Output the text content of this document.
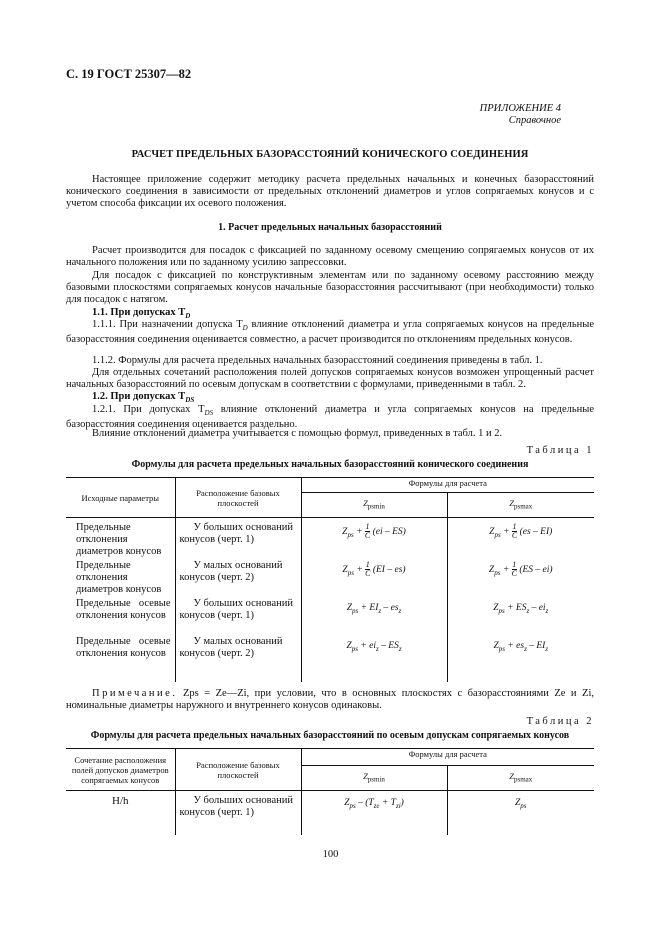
С. 19 ГОСТ 25307—82
ПРИЛОЖЕНИЕ 4
Справочное
РАСЧЕТ ПРЕДЕЛЬНЫХ БАЗОРАССТОЯНИЙ КОНИЧЕСКОГО СОЕДИНЕНИЯ
Настоящее приложение содержит методику расчета предельных начальных и конечных базорасстояний конического соединения в зависимости от предельных отклонений диаметров и углов сопрягаемых конусов и с учетом способа фиксации их осевого положения.
1. Расчет предельных начальных базорасстояний
Расчет производится для посадок с фиксацией по заданному осевому смещению сопрягаемых конусов от их начального положения или по заданному усилию запрессовки.
Для посадок с фиксацией по конструктивным элементам или по заданному осевому расстоянию между базовыми плоскостями сопрягаемых конусов начальные базорасстояния рассчитывают (при необходимости) только для посадок с натягом.
1.1. При допусках $T_D$
1.1.1. При назначении допуска $T_D$ влияние отклонений диаметра и угла сопрягаемых конусов на предельные базорасстояния соединения оценивается совместно, а расчет производится по отклонениям предельных конусов.
1.1.2. Формулы для расчета предельных начальных базорасстояний соединения приведены в табл. 1.
Для отдельных сочетаний расположения полей допусков сопрягаемых конусов возможен упрощенный расчет начальных базорасстояний по осевым допускам в соответствии с формулами, приведенными в табл. 2.
1.2. При допусках $T_{DS}$
1.2.1. При допусках $T_{DS}$ влияние отклонений диаметра и угла сопрягаемых конусов на предельные базорасстояния соединения оценивается раздельно.
Влияние отклонений диаметра учитывается с помощью формул, приведенных в табл. 1 и 2.
Таблица 1
Формулы для расчета предельных начальных базорасстояний конического соединения
Исходные параметры	Расположение базовых плоскостей	Формулы для расчета	
		$Z_{psmin}$	$Z_{psmax}$
Предельные отклонения диаметров конусов	У больших оснований конусов (черт. 1)	$Z_{ps} + \frac{1}{C} (ei - ES)$	$Z_{ps} + \frac{1}{C} (es - EI)$
Предельные отклонения диаметров конусов	У малых оснований конусов (черт. 2)	$Z_{ps} + \frac{1}{C} (EI - es)$	$Z_{ps} + \frac{1}{C} (ES - ei)$
Предельные осевые отклонения конусов	У больших оснований конусов (черт. 1)	$Z_{ps} + EI_z - es_z$	$Z_{ps} + ES_z - ei_z$
Предельные осевые отклонения конусов	У малых оснований конусов (черт. 2)	$Z_{ps} + ei_z - ES_z$	$Z_{ps} + es_z - EI_z$
Примечание. Zps = Ze—Zi, при условии, что в основных плоскостях с базорасстояниями Ze и Zi, номинальные диаметры наружного и внутреннего конусов одинаковы.
Таблица 2
Формулы для расчета предельных начальных базорасстояний по осевым допускам сопрягаемых конусов
Сочетание расположения полей допусков диаметров сопрягаемых конусов	Расположение базовых плоскостей	Формулы для расчета	
		$Z_{psmin}$	$Z_{psmax}$
H/h	У больших оснований конусов (черт. 1)	$Z_{ps} - (T_{ze} + T_{zi})$	$Z_{ps}$
100
